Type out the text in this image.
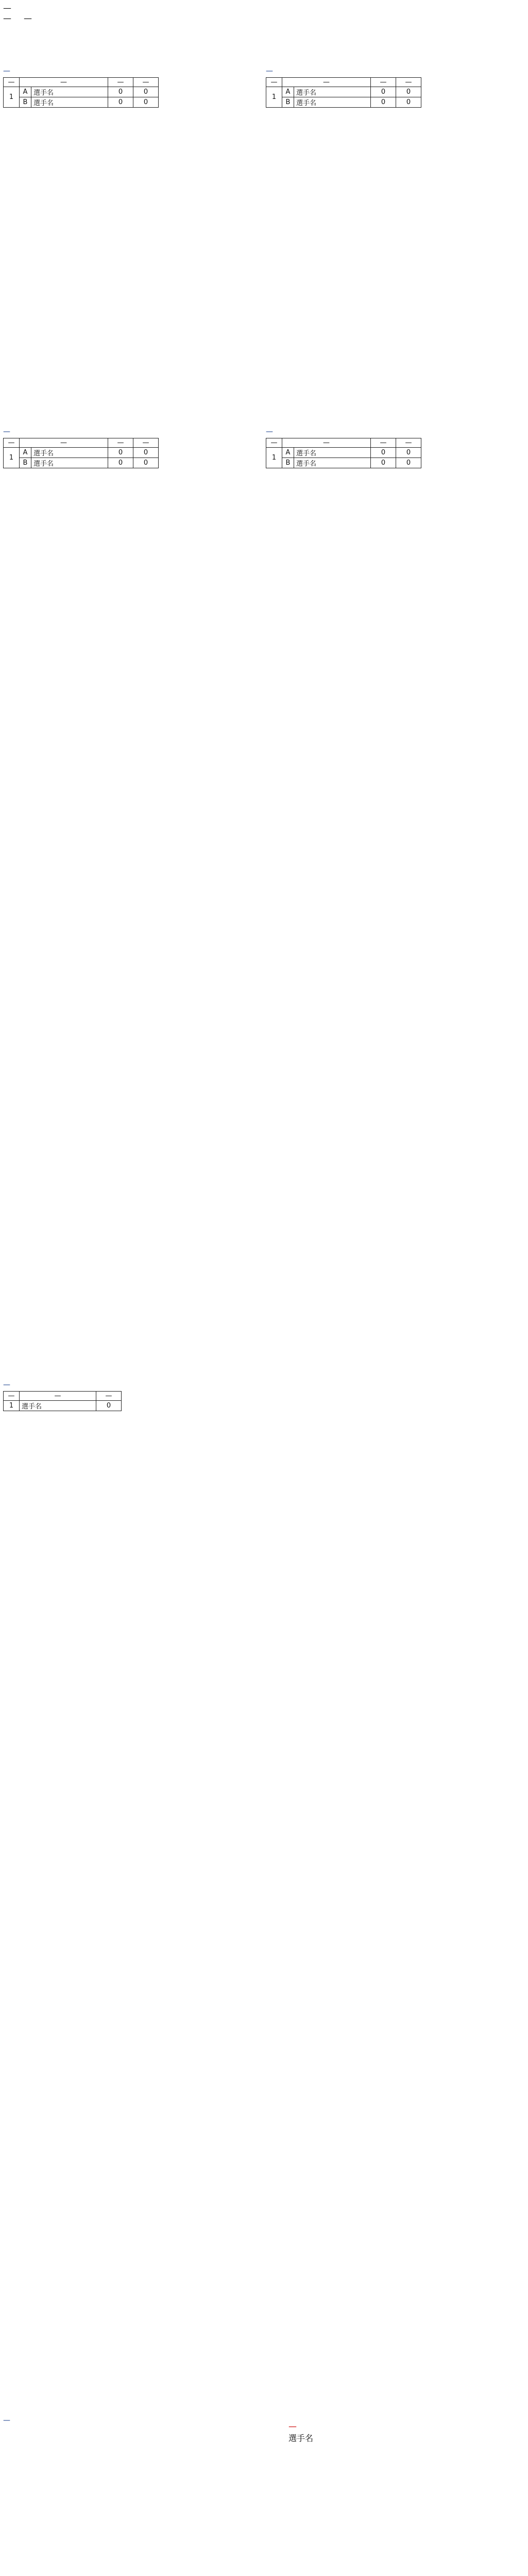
—
— —
—
—	—		—	—
1	A	選手名	0	0
	B	選手名	0	0
—
—	—		—	—
1	A	選手名	0	0
	B	選手名	0	0
—
—	—		—	—
1	A	選手名	0	0
	B	選手名	0	0
—
—	—		—	—
1	A	選手名	0	0
	B	選手名	0	0
—
—	—	—	
1	選手名	0	
—
—
選手名
